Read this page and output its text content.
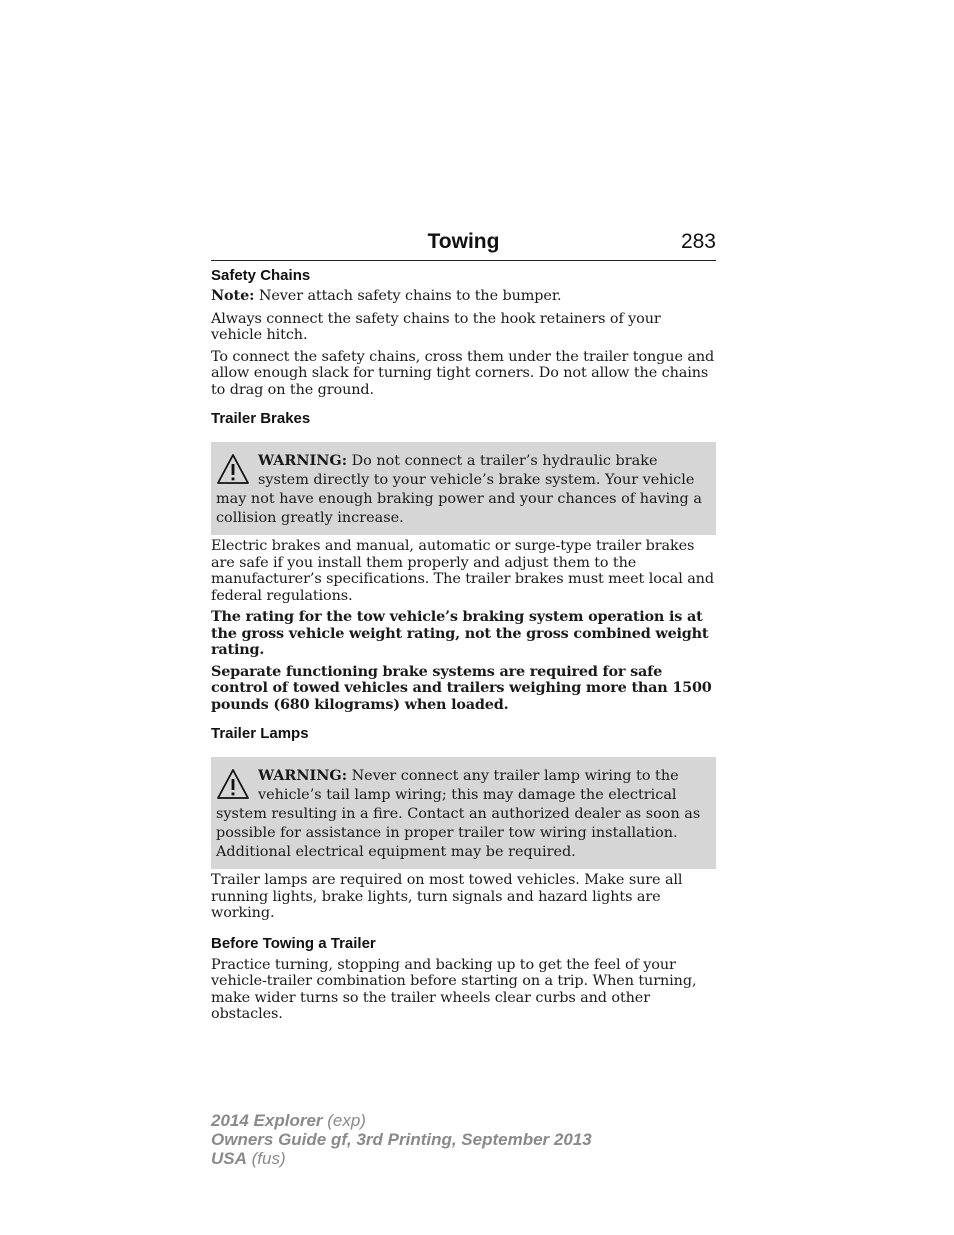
Towing	283
Safety Chains

Note: Never attach safety chains to the bumper.

Always connect the safety chains to the hook retainers of your vehicle hitch.

To connect the safety chains, cross them under the trailer tongue and allow enough slack for turning tight corners. Do not allow the chains to drag on the ground.

Trailer Brakes
WARNING: Do not connect a trailer’s hydraulic brake system directly to your vehicle’s brake system. Your vehicle may not have enough braking power and your chances of having a collision greatly increase.

Electric brakes and manual, automatic or surge-type trailer brakes are safe if you install them properly and adjust them to the manufacturer’s specifications. The trailer brakes must meet local and federal regulations.

The rating for the tow vehicle’s braking system operation is at the gross vehicle weight rating, not the gross combined weight rating.

Separate functioning brake systems are required for safe control of towed vehicles and trailers weighing more than 1500 pounds (680 kilograms) when loaded.

Trailer Lamps
WARNING: Never connect any trailer lamp wiring to the vehicle’s tail lamp wiring; this may damage the electrical system resulting in a fire. Contact an authorized dealer as soon as possible for assistance in proper trailer tow wiring installation. Additional electrical equipment may be required.

Trailer lamps are required on most towed vehicles. Make sure all running lights, brake lights, turn signals and hazard lights are working.

Before Towing a Trailer

Practice turning, stopping and backing up to get the feel of your vehicle-trailer combination before starting on a trip. When turning, make wider turns so the trailer wheels clear curbs and other obstacles.

2014 Explorer (exp)
Owners Guide gf, 3rd Printing, September 2013
USA (fus)
